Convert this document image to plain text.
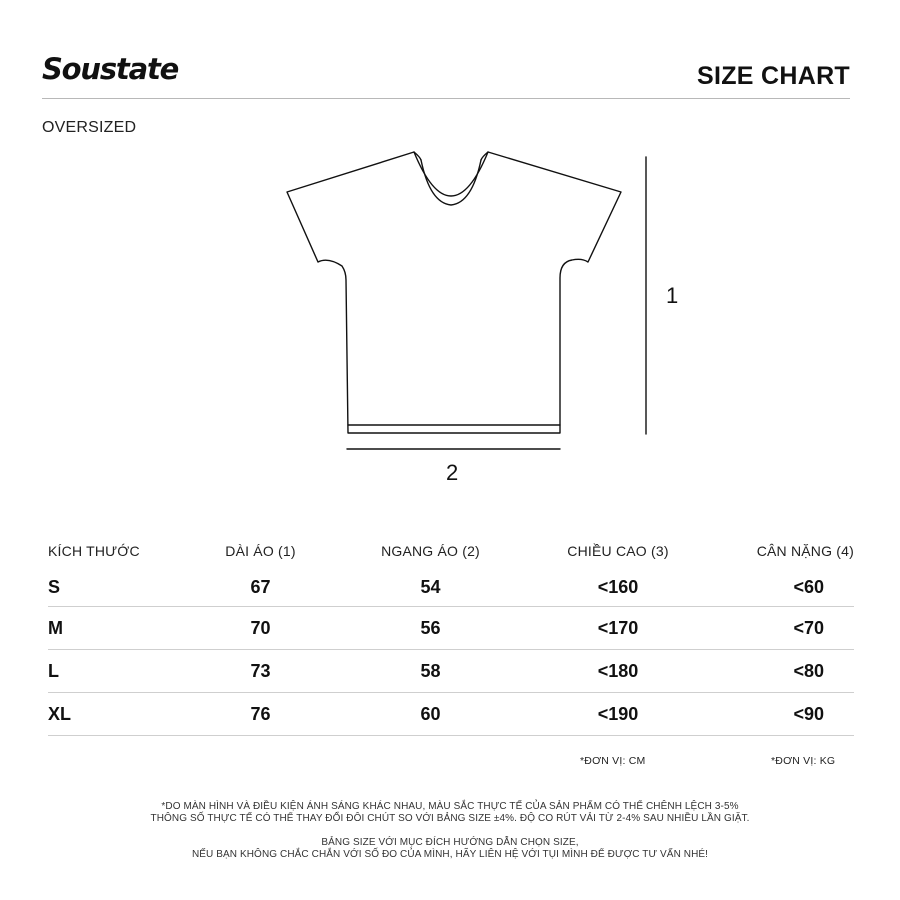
Soustate	SIZE CHART
OVERSIZED
1
2
KÍCH THƯỚC	DÀI ÁO (1)	NGANG ÁO (2)	CHIỀU CAO (3)	CÂN NẶNG (4)
S	67	54	<160	<60
M	70	56	<170	<70
L	73	58	<180	<80
XL	76	60	<190	<90
*ĐƠN VỊ: CM	*ĐƠN VỊ: KG
*DO MÀN HÌNH VÀ ĐIỀU KIỆN ÁNH SÁNG KHÁC NHAU, MÀU SẮC THỰC TẾ CỦA SẢN PHẨM CÓ THỂ CHÊNH LỆCH 3-5%
THÔNG SỐ THỰC TẾ CÓ THỂ THAY ĐỔI ĐÔI CHÚT SO VỚI BẢNG SIZE ±4%. ĐỘ CO RÚT VẢI TỪ 2-4% SAU NHIỀU LẦN GIẶT.
BẢNG SIZE VỚI MỤC ĐÍCH HƯỚNG DẪN CHỌN SIZE,
NẾU BẠN KHÔNG CHẮC CHẮN VỚI SỐ ĐO CỦA MÌNH, HÃY LIÊN HỆ VỚI TỤI MÌNH ĐỂ ĐƯỢC TƯ VẤN NHÉ!
